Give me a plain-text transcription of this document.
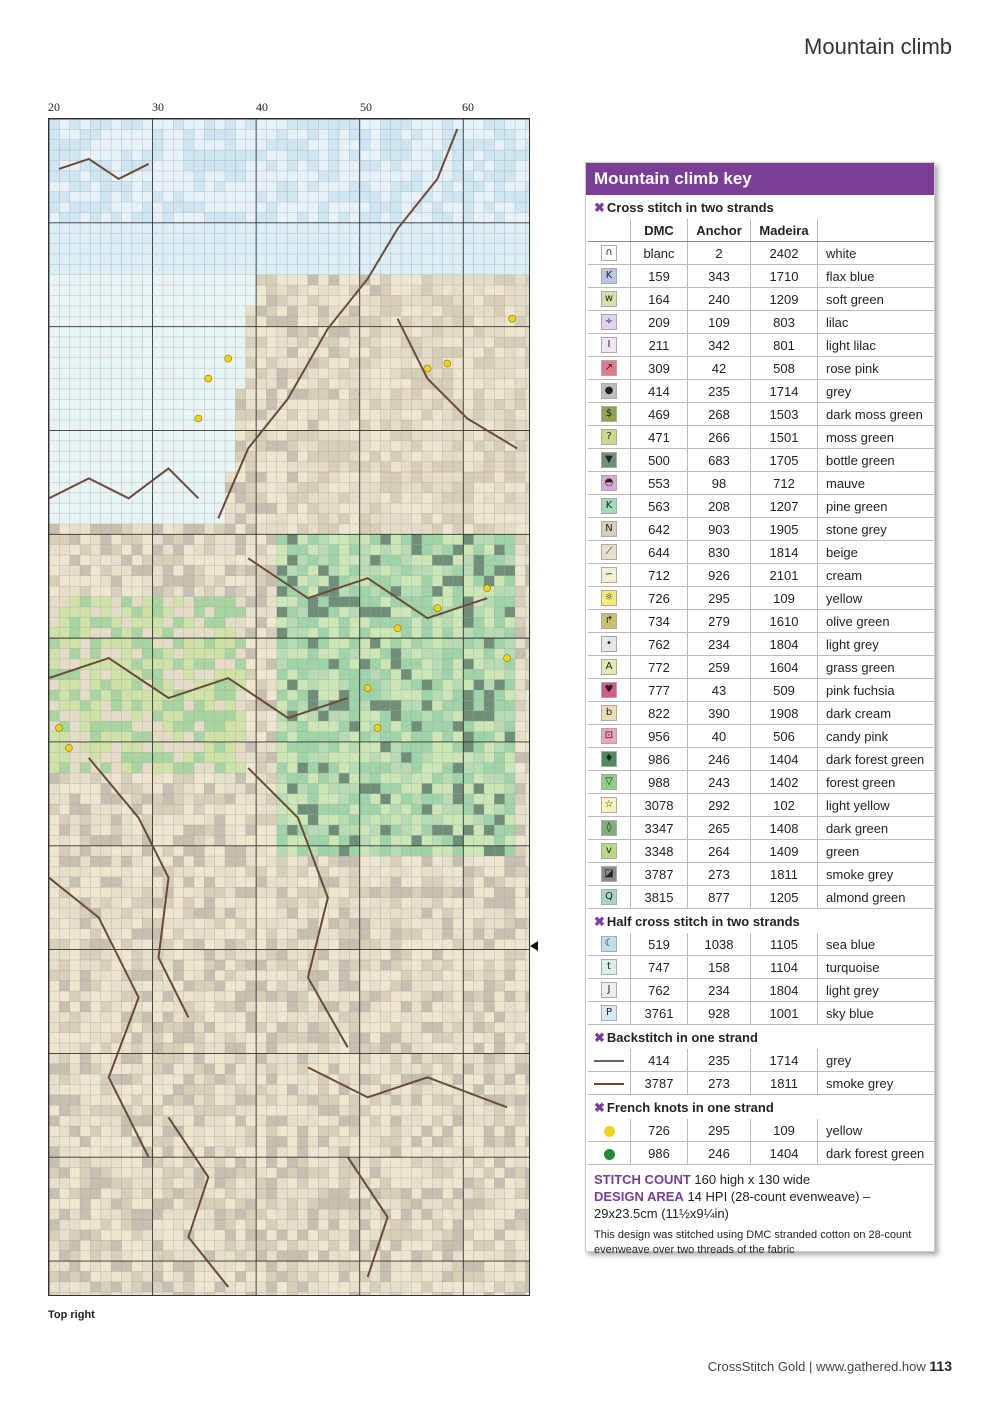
Mountain climb
20	30	40	50	60
Top right
Mountain climb key
✖ Cross stitch in two strands
	DMC	Anchor	Madeira	
∩	blanc	2	2402	white
K	159	343	1710	flax blue
w	164	240	1209	soft green
÷	209	109	803	lilac
I	211	342	801	light lilac
↗	309	42	508	rose pink
●	414	235	1714	grey
$	469	268	1503	dark moss green
?	471	266	1501	moss green
▼	500	683	1705	bottle green
◓	553	98	712	mauve
K	563	208	1207	pine green
N	642	903	1905	stone grey
⟋	644	830	1814	beige
∽	712	926	2101	cream
☼	726	295	109	yellow
↱	734	279	1610	olive green
•	762	234	1804	light grey
A	772	259	1604	grass green
♥	777	43	509	pink fuchsia
b	822	390	1908	dark cream
⊡	956	40	506	candy pink
♦	986	246	1404	dark forest green
▽	988	243	1402	forest green
☆	3078	292	102	light yellow
◊	3347	265	1408	dark green
v	3348	264	1409	green
◪	3787	273	1811	smoke grey
Q	3815	877	1205	almond green
✖ Half cross stitch in two strands
☾	519	1038	1105	sea blue
t	747	158	1104	turquoise
J	762	234	1804	light grey
P	3761	928	1001	sky blue
✖ Backstitch in one strand
	414	235	1714	grey
	3787	273	1811	smoke grey
✖ French knots in one strand
	726	295	109	yellow
	986	246	1404	dark forest green
STITCH COUNT 160 high x 130 wide
DESIGN AREA 14 HPI (28-count evenweave) – 29x23.5cm (11½x9¼in)
This design was stitched using DMC stranded cotton on 28-count evenweave over two threads of the fabric
CrossStitch Gold | www.gathered.how 113
